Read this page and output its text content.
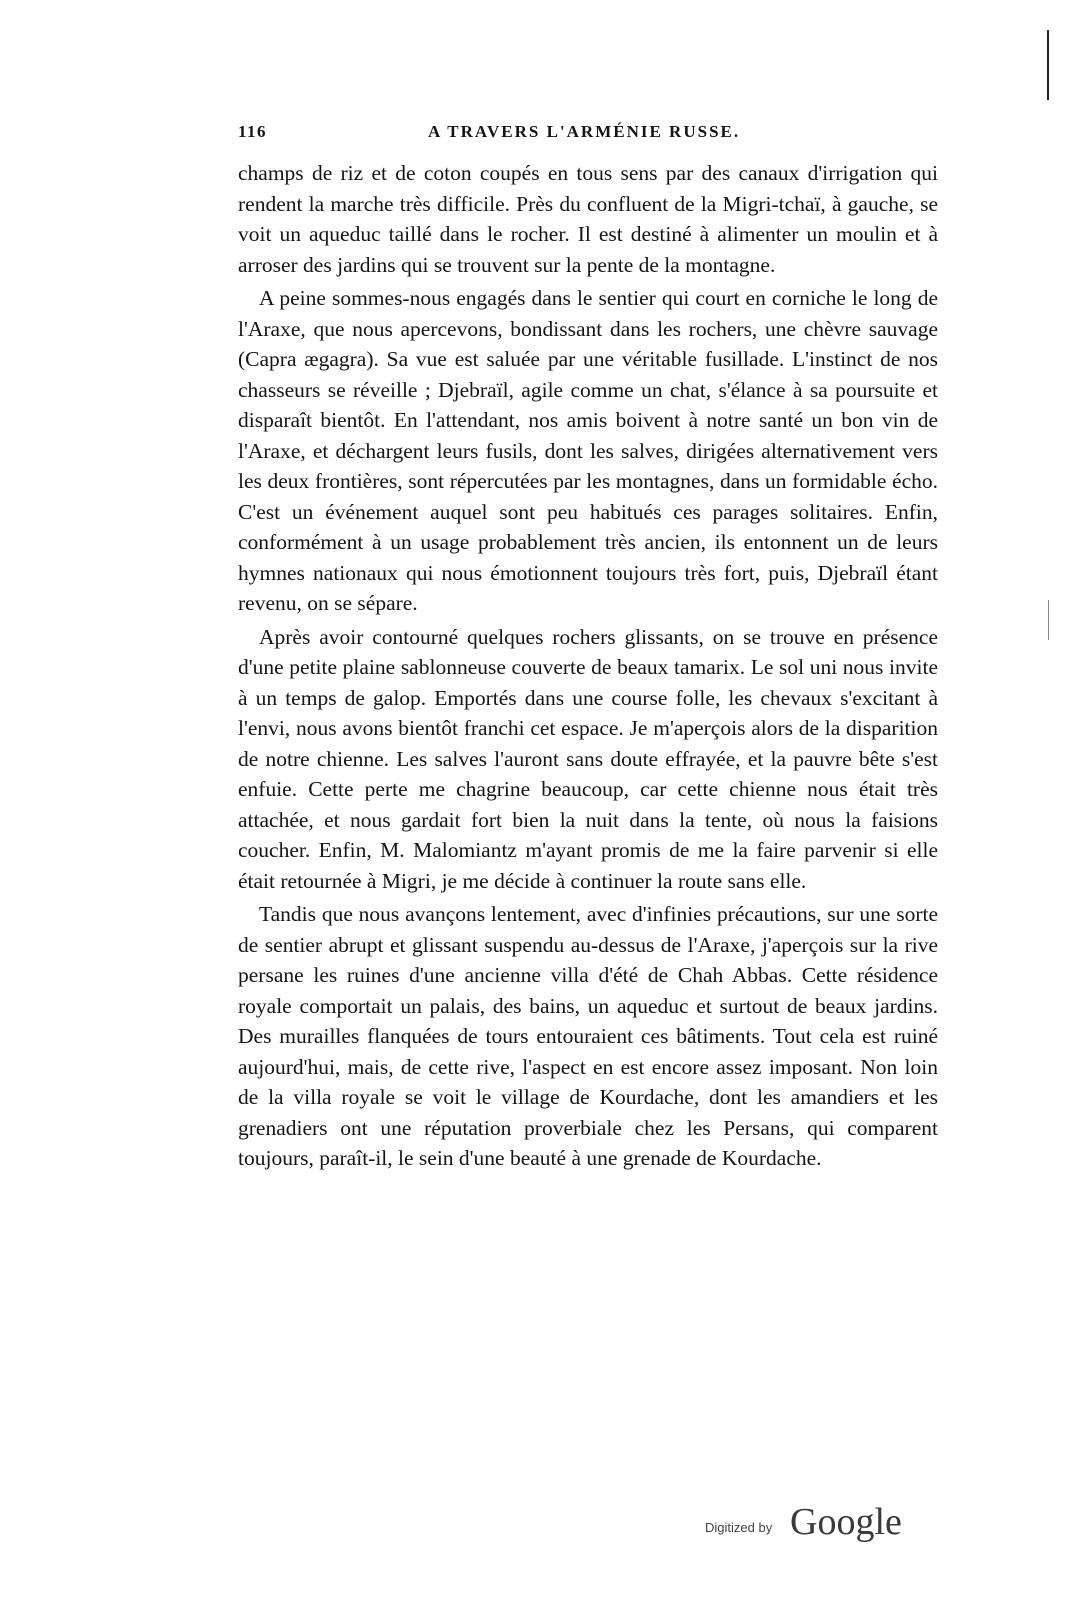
116	A TRAVERS L'ARMÉNIE RUSSE.

champs de riz et de coton coupés en tous sens par des canaux d'irrigation qui rendent la marche très difficile. Près du confluent de la Migri-tchaï, à gauche, se voit un aqueduc taillé dans le rocher. Il est destiné à alimenter un moulin et à arroser des jardins qui se trouvent sur la pente de la montagne.

A peine sommes-nous engagés dans le sentier qui court en corniche le long de l'Araxe, que nous apercevons, bondissant dans les rochers, une chèvre sauvage (Capra ægagra). Sa vue est saluée par une véritable fusillade. L'instinct de nos chasseurs se réveille ; Djebraïl, agile comme un chat, s'élance à sa poursuite et disparaît bientôt. En l'attendant, nos amis boivent à notre santé un bon vin de l'Araxe, et déchargent leurs fusils, dont les salves, dirigées alternativement vers les deux frontières, sont répercutées par les montagnes, dans un formidable écho. C'est un événement auquel sont peu habitués ces parages solitaires. Enfin, conformément à un usage probablement très ancien, ils entonnent un de leurs hymnes nationaux qui nous émotionnent toujours très fort, puis, Djebraïl étant revenu, on se sépare.

Après avoir contourné quelques rochers glissants, on se trouve en présence d'une petite plaine sablonneuse couverte de beaux tamarix. Le sol uni nous invite à un temps de galop. Emportés dans une course folle, les chevaux s'excitant à l'envi, nous avons bientôt franchi cet espace. Je m'aperçois alors de la disparition de notre chienne. Les salves l'auront sans doute effrayée, et la pauvre bête s'est enfuie. Cette perte me chagrine beaucoup, car cette chienne nous était très attachée, et nous gardait fort bien la nuit dans la tente, où nous la faisions coucher. Enfin, M. Malomiantz m'ayant promis de me la faire parvenir si elle était retournée à Migri, je me décide à continuer la route sans elle.

Tandis que nous avançons lentement, avec d'infinies précautions, sur une sorte de sentier abrupt et glissant suspendu au-dessus de l'Araxe, j'aperçois sur la rive persane les ruines d'une ancienne villa d'été de Chah Abbas. Cette résidence royale comportait un palais, des bains, un aqueduc et surtout de beaux jardins. Des murailles flanquées de tours entouraient ces bâtiments. Tout cela est ruiné aujourd'hui, mais, de cette rive, l'aspect en est encore assez imposant. Non loin de la villa royale se voit le village de Kourdache, dont les amandiers et les grenadiers ont une réputation proverbiale chez les Persans, qui comparent toujours, paraît-il, le sein d'une beauté à une grenade de Kourdache.

Digitized by Google
